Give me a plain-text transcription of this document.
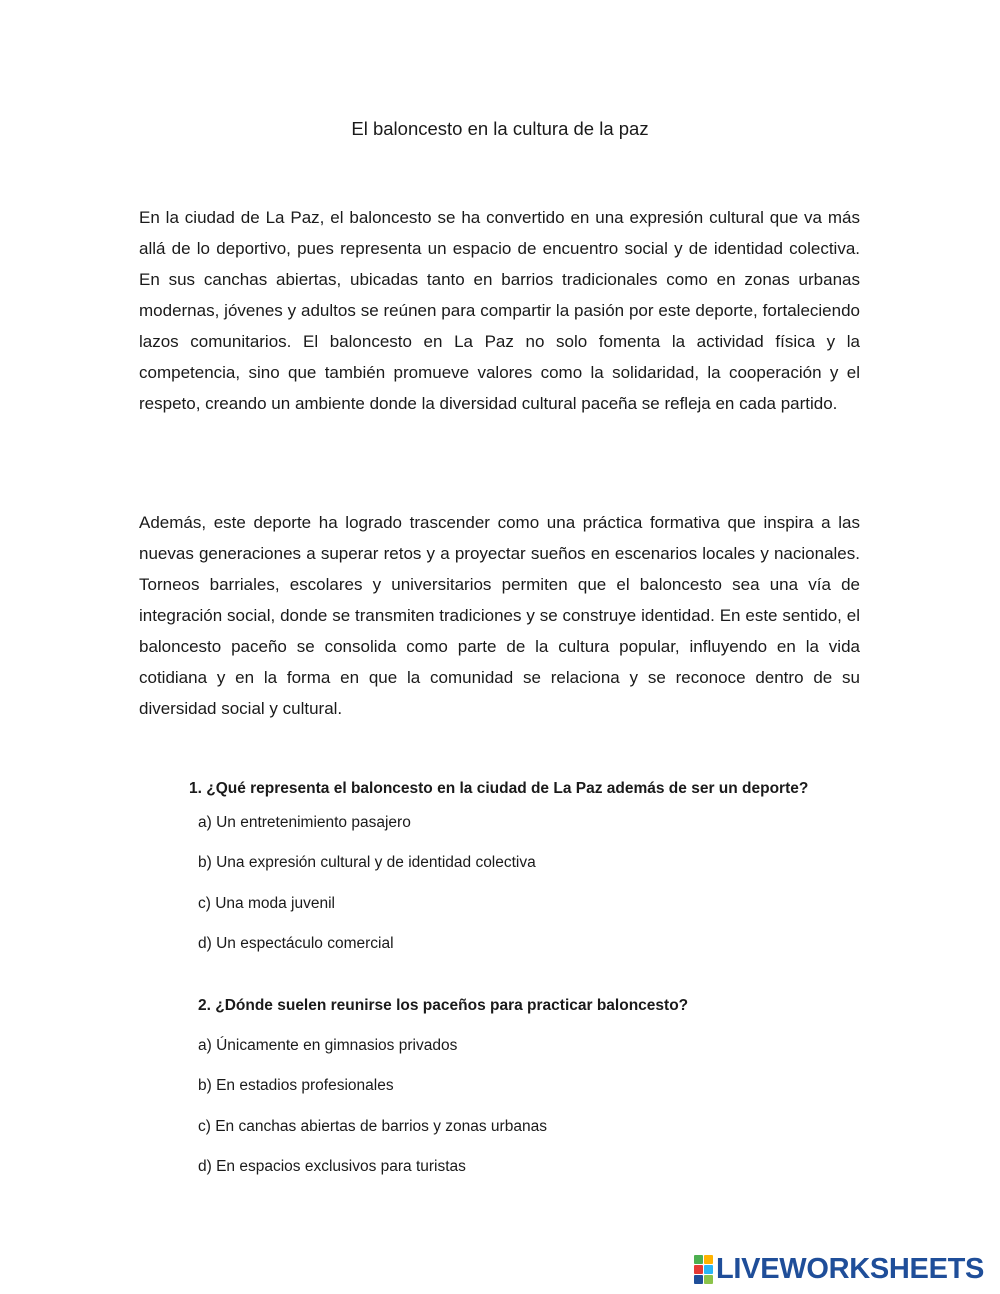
El baloncesto en la cultura de la paz

En la ciudad de La Paz, el baloncesto se ha convertido en una expresión cultural que va más allá de lo deportivo, pues representa un espacio de encuentro social y de identidad colectiva. En sus canchas abiertas, ubicadas tanto en barrios tradicionales como en zonas urbanas modernas, jóvenes y adultos se reúnen para compartir la pasión por este deporte, fortaleciendo lazos comunitarios. El baloncesto en La Paz no solo fomenta la actividad física y la competencia, sino que también promueve valores como la solidaridad, la cooperación y el respeto, creando un ambiente donde la diversidad cultural paceña se refleja en cada partido.

Además, este deporte ha logrado trascender como una práctica formativa que inspira a las nuevas generaciones a superar retos y a proyectar sueños en escenarios locales y nacionales. Torneos barriales, escolares y universitarios permiten que el baloncesto sea una vía de integración social, donde se transmiten tradiciones y se construye identidad. En este sentido, el baloncesto paceño se consolida como parte de la cultura popular, influyendo en la vida cotidiana y en la forma en que la comunidad se relaciona y se reconoce dentro de su diversidad social y cultural.

1. ¿Qué representa el baloncesto en la ciudad de La Paz además de ser un deporte?

a) Un entretenimiento pasajero

b) Una expresión cultural y de identidad colectiva

c) Una moda juvenil

d) Un espectáculo comercial

2. ¿Dónde suelen reunirse los paceños para practicar baloncesto?

a) Únicamente en gimnasios privados

b) En estadios profesionales

c) En canchas abiertas de barrios y zonas urbanas

d) En espacios exclusivos para turistas

LIVEWORKSHEETS
